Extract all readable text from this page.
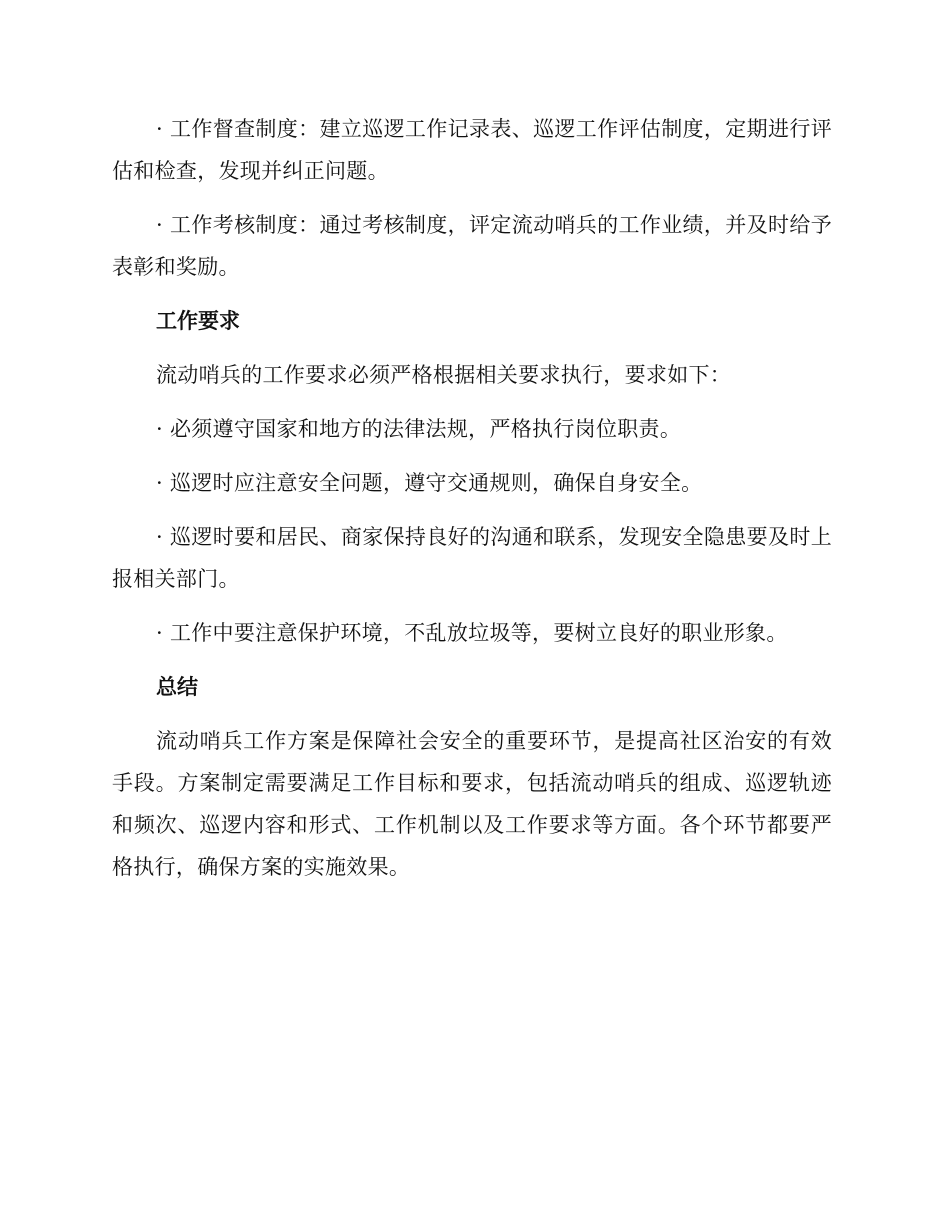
· 工作督查制度：建立巡逻工作记录表、巡逻工作评估制度，定期进行评估和检查，发现并纠正问题。

· 工作考核制度：通过考核制度，评定流动哨兵的工作业绩，并及时给予表彰和奖励。

工作要求

流动哨兵的工作要求必须严格根据相关要求执行，要求如下：

· 必须遵守国家和地方的法律法规，严格执行岗位职责。

· 巡逻时应注意安全问题，遵守交通规则，确保自身安全。

· 巡逻时要和居民、商家保持良好的沟通和联系，发现安全隐患要及时上报相关部门。

· 工作中要注意保护环境，不乱放垃圾等，要树立良好的职业形象。

总结

流动哨兵工作方案是保障社会安全的重要环节，是提高社区治安的有效手段。方案制定需要满足工作目标和要求，包括流动哨兵的组成、巡逻轨迹和频次、巡逻内容和形式、工作机制以及工作要求等方面。各个环节都要严格执行，确保方案的实施效果。
